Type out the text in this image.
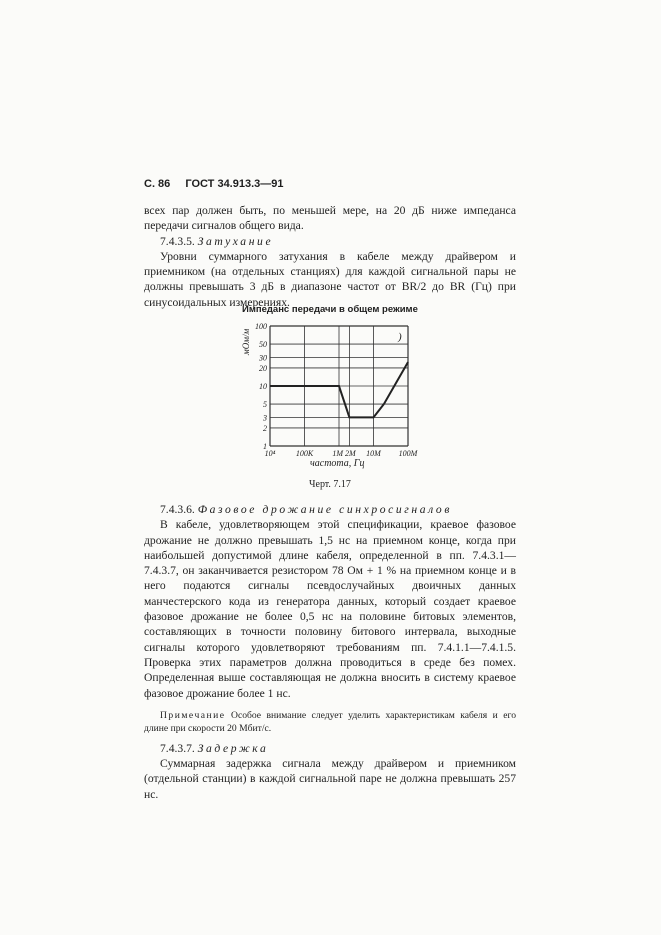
С. 86 ГОСТ 34.913.3—91

всех пар должен быть, по меньшей мере, на 20 дБ ниже импеданса передачи сигналов общего вида.

7.4.3.5. Затухание

Уровни суммарного затухания в кабеле между драйвером и приемником (на отдельных станциях) для каждой сигнальной пары не должны превышать 3 дБ в диапазоне частот от BR/2 до BR (Гц) при синусоидальных измерениях.

Импеданс передачи в общем режиме
100
50
30
20
10
5
3
2
1
10⁴	100К 1М 2М 10М 100М
)
мОм/м
частота, Гц
Черт. 7.17

7.4.3.6. Фазовое дрожание синхросигналов

В кабеле, удовлетворяющем этой спецификации, краевое фазовое дрожание не должно превышать 1,5 нс на приемном конце, когда при наибольшей допустимой длине кабеля, определенной в пп. 7.4.3.1—7.4.3.7, он заканчивается резистором 78 Ом + 1 % на приемном конце и в него подаются сигналы псевдослучайных двоичных данных манчестерского кода из генератора данных, который создает краевое фазовое дрожание не более 0,5 нс на половине битовых элементов, составляющих в точности половину битового интервала, выходные сигналы которого удовлетворяют требованиям пп. 7.4.1.1—7.4.1.5. Проверка этих параметров должна проводиться в среде без помех. Определенная выше составляющая не должна вносить в систему краевое фазовое дрожание более 1 нс.

Примечание Особое внимание следует уделить характеристикам кабеля и его длине при скорости 20 Мбит/с.

7.4.3.7. Задержка

Суммарная задержка сигнала между драйвером и приемником (отдельной станции) в каждой сигнальной паре не должна превышать 257 нс.
